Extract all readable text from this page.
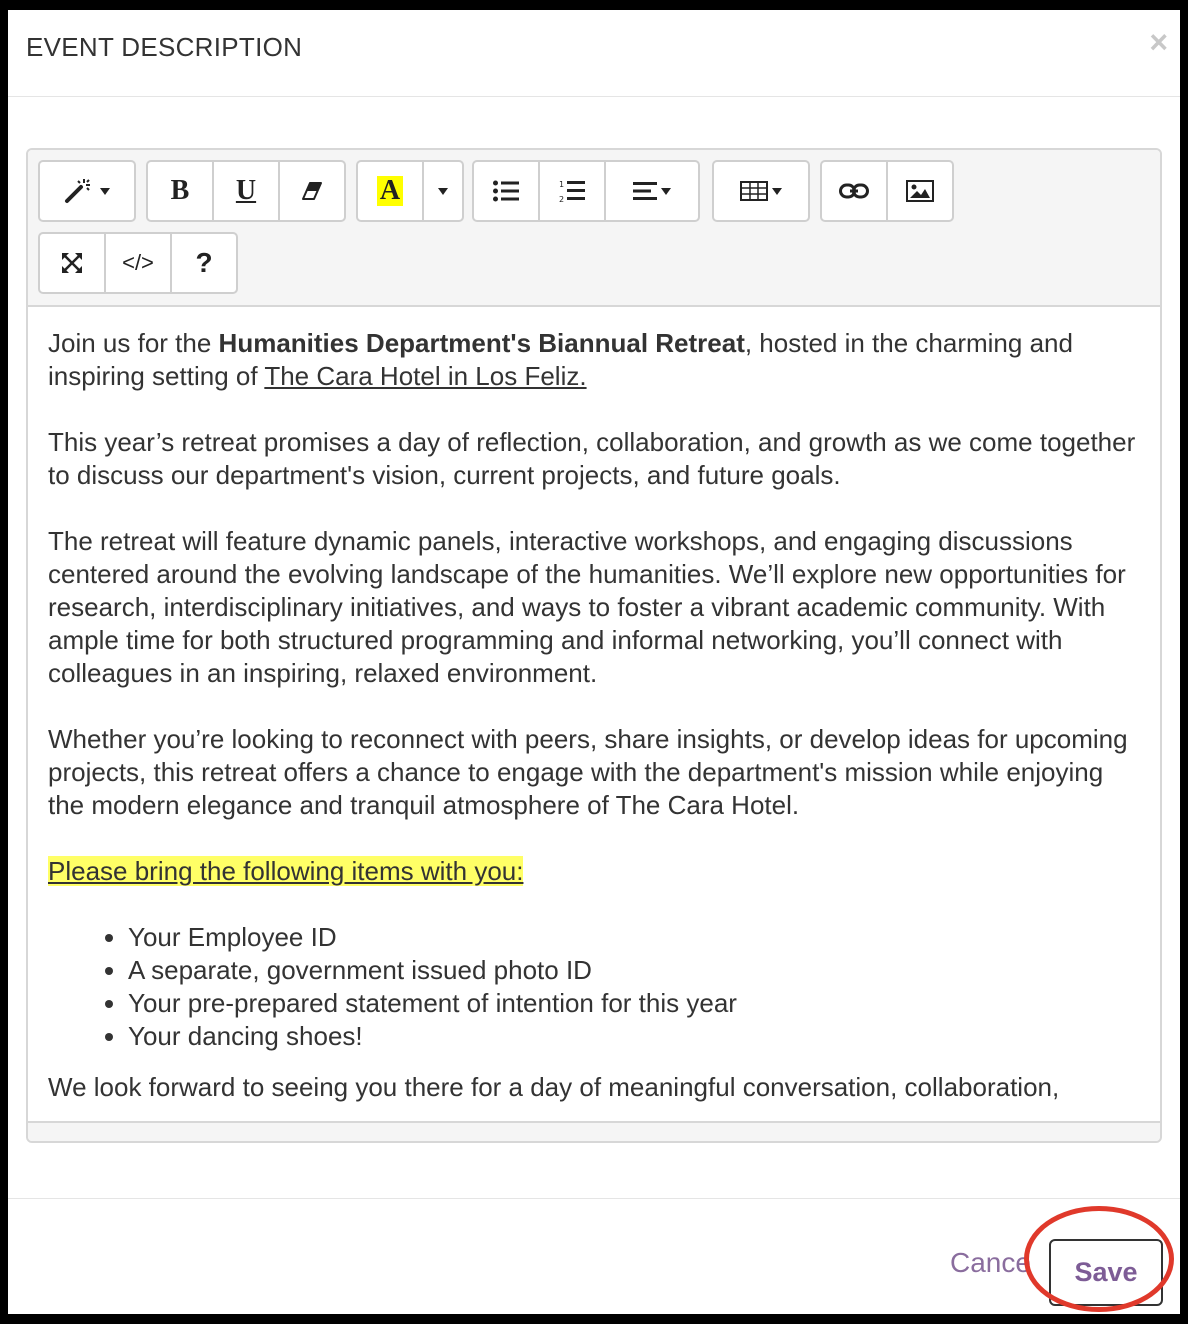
EVENT DESCRIPTION	×
B	U	A	1
2
</>	?

Join us for the Humanities Department's Biannual Retreat, hosted in the charming and inspiring setting of The Cara Hotel in Los Feliz.

This year’s retreat promises a day of reflection, collaboration, and growth as we come together to discuss our department's vision, current projects, and future goals.

The retreat will feature dynamic panels, interactive workshops, and engaging discussions centered around the evolving landscape of the humanities. We’ll explore new opportunities for research, interdisciplinary initiatives, and ways to foster a vibrant academic community. With ample time for both structured programming and informal networking, you’ll connect with colleagues in an inspiring, relaxed environment.

Whether you’re looking to reconnect with peers, share insights, or develop ideas for upcoming projects, this retreat offers a chance to engage with the department's mission while enjoying the modern elegance and tranquil atmosphere of The Cara Hotel.

Please bring the following items with you:

• Your Employee ID
• A separate, government issued photo ID
• Your pre-prepared statement of intention for this year
• Your dancing shoes!

We look forward to seeing you there for a day of meaningful conversation, collaboration,

Cance	Save
